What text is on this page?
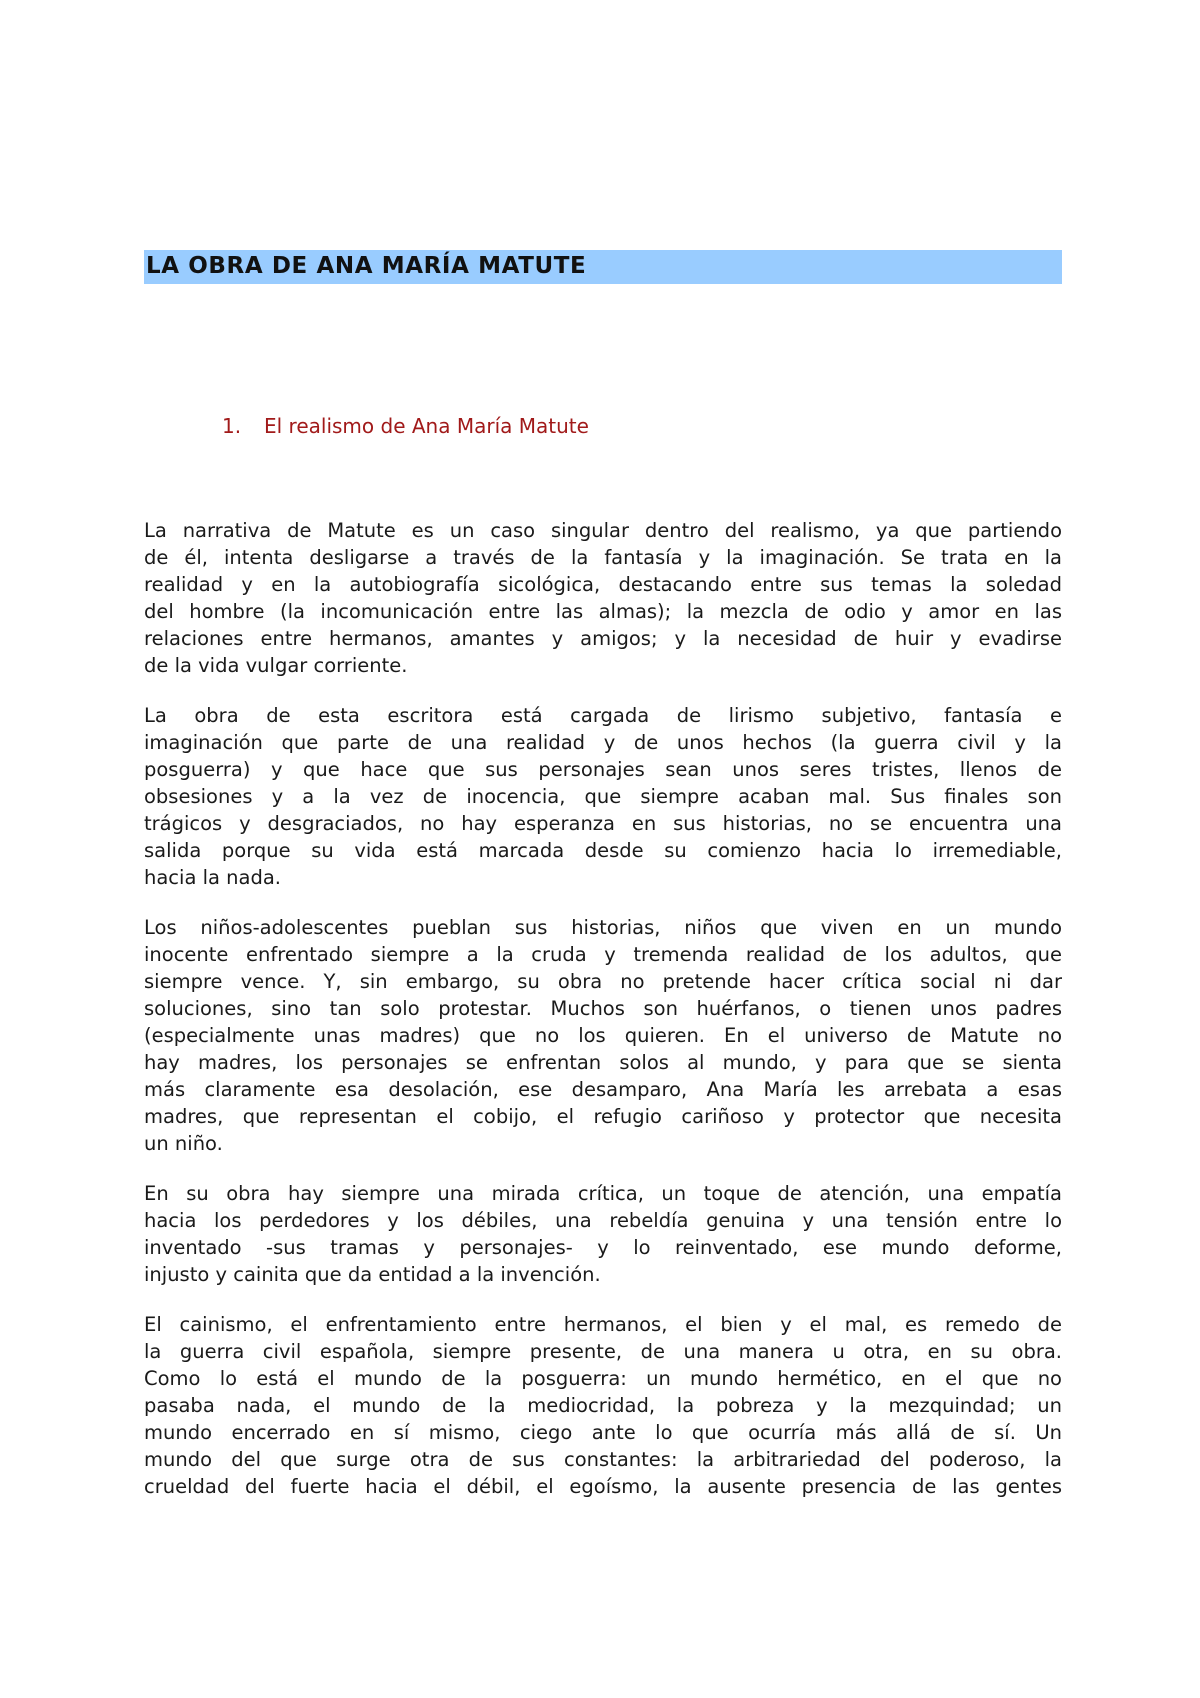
LA OBRA DE ANA MARÍA MATUTE
1. El realismo de Ana María Matute

La narrativa de Matute es un caso singular dentro del realismo, ya que partiendo
de él, intenta desligarse a través de la fantasía y la imaginación. Se trata en la
realidad y en la autobiografía sicológica, destacando entre sus temas la soledad
del hombre (la incomunicación entre las almas); la mezcla de odio y amor en las
relaciones entre hermanos, amantes y amigos; y la necesidad de huir y evadirse
de la vida vulgar corriente.

La obra de esta escritora está cargada de lirismo subjetivo, fantasía e
imaginación que parte de una realidad y de unos hechos (la guerra civil y la
posguerra) y que hace que sus personajes sean unos seres tristes, llenos de
obsesiones y a la vez de inocencia, que siempre acaban mal. Sus finales son
trágicos y desgraciados, no hay esperanza en sus historias, no se encuentra una
salida porque su vida está marcada desde su comienzo hacia lo irremediable,
hacia la nada.

Los niños-adolescentes pueblan sus historias, niños que viven en un mundo
inocente enfrentado siempre a la cruda y tremenda realidad de los adultos, que
siempre vence. Y, sin embargo, su obra no pretende hacer crítica social ni dar
soluciones, sino tan solo protestar. Muchos son huérfanos, o tienen unos padres
(especialmente unas madres) que no los quieren. En el universo de Matute no
hay madres, los personajes se enfrentan solos al mundo, y para que se sienta
más claramente esa desolación, ese desamparo, Ana María les arrebata a esas
madres, que representan el cobijo, el refugio cariñoso y protector que necesita
un niño.

En su obra hay siempre una mirada crítica, un toque de atención, una empatía
hacia los perdedores y los débiles, una rebeldía genuina y una tensión entre lo
inventado -sus tramas y personajes- y lo reinventado, ese mundo deforme,
injusto y cainita que da entidad a la invención.

El cainismo, el enfrentamiento entre hermanos, el bien y el mal, es remedo de
la guerra civil española, siempre presente, de una manera u otra, en su obra.
Como lo está el mundo de la posguerra: un mundo hermético, en el que no
pasaba nada, el mundo de la mediocridad, la pobreza y la mezquindad; un
mundo encerrado en sí mismo, ciego ante lo que ocurría más allá de sí. Un
mundo del que surge otra de sus constantes: la arbitrariedad del poderoso, la
crueldad del fuerte hacia el débil, el egoísmo, la ausente presencia de las gentes
